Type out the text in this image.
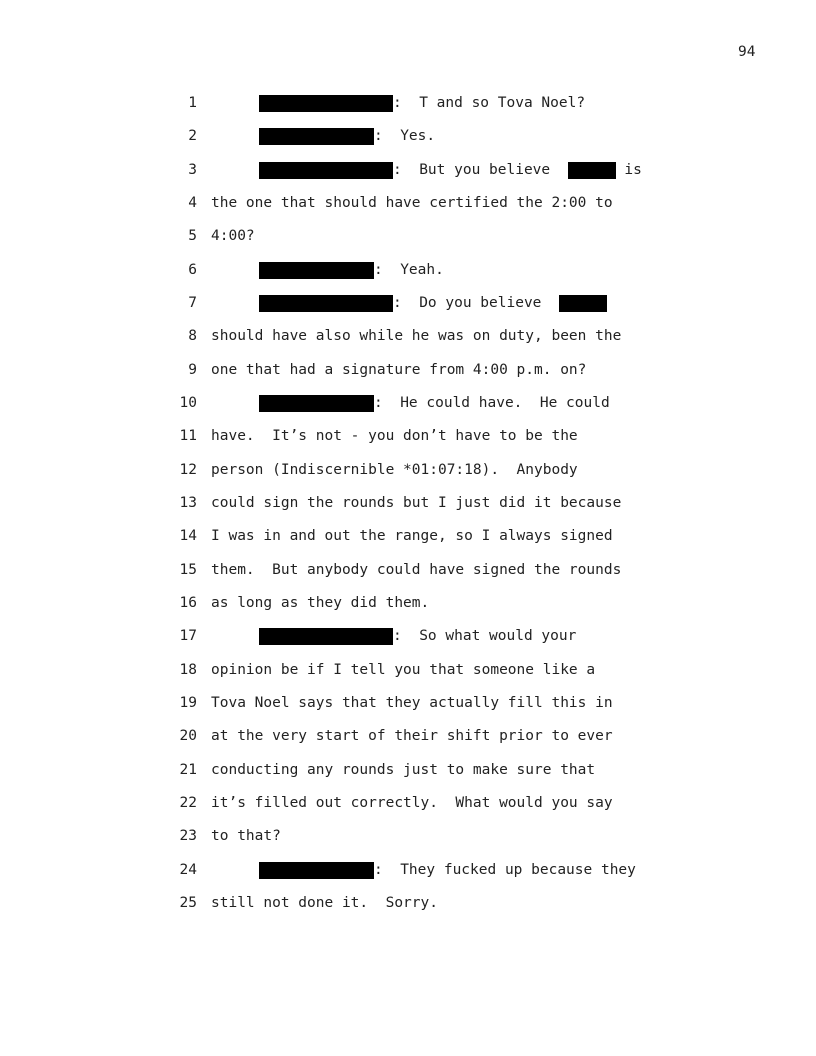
94
1	:  T and so Tova Noel?
2	:  Yes.
3	:  But you believe
	is
4 the one that should have certified the 2:00 to
5 4:00?
6	:  Yeah.
7	:  Do you believe

8 should have also while he was on duty, been the
9 one that had a signature from 4:00 p.m. on?
10	:  He could have.  He could
11 have.  It’s not - you don’t have to be the
12 person (Indiscernible *01:07:18).  Anybody
13 could sign the rounds but I just did it because
14 I was in and out the range, so I always signed
15 them.  But anybody could have signed the rounds
16 as long as they did them.
17	:  So what would your
18 opinion be if I tell you that someone like a
19 Tova Noel says that they actually fill this in
20 at the very start of their shift prior to ever
21 conducting any rounds just to make sure that
22 it’s filled out correctly.  What would you say
23 to that?
24	:  They fucked up because they
25 still not done it.  Sorry.
